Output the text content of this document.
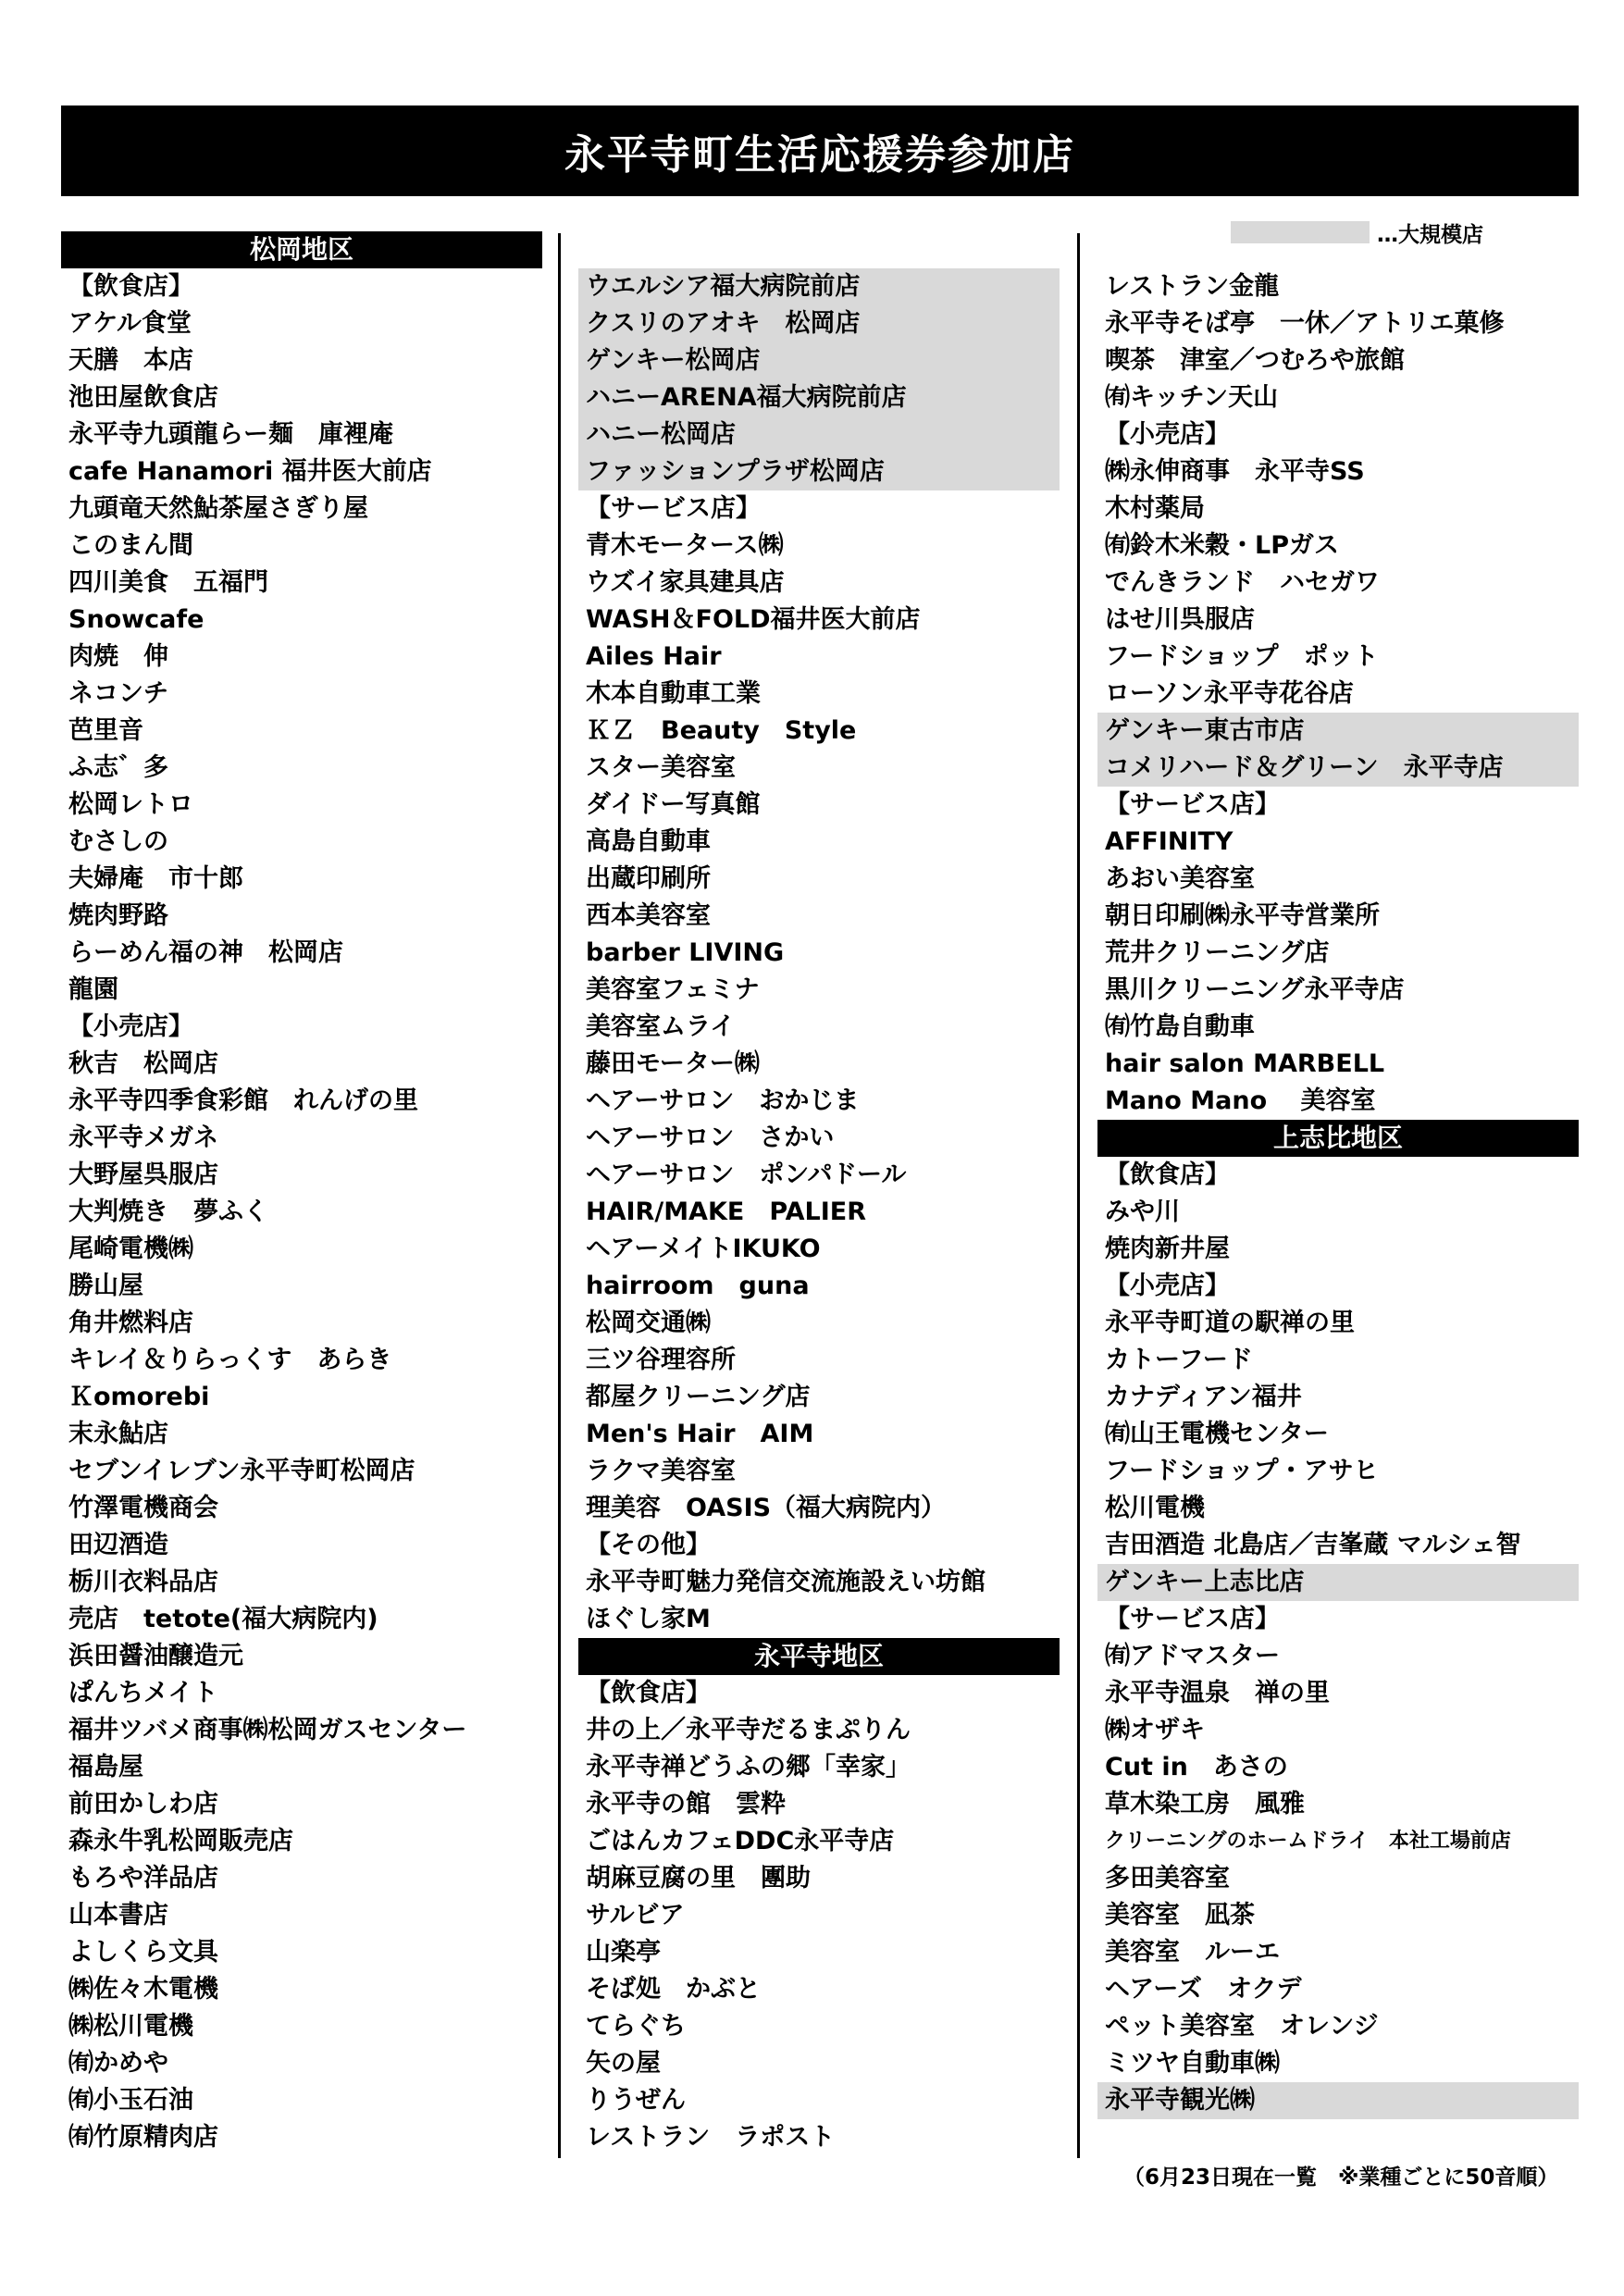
永平寺町生活応援券参加店
…大規模店
松岡地区
【飲食店】
アケル食堂
天膳　本店
池田屋飲食店
永平寺九頭龍らー麺　庫裡庵
cafe Hanamori 福井医大前店
九頭竜天然鮎茶屋さぎり屋
このまん間
四川美食　五福門
Snowcafe
肉焼　伸
ネコンチ
芭里音
ふ志゛多
松岡レトロ
むさしの
夫婦庵　市十郎
焼肉野路
らーめん福の神　松岡店
龍園
【小売店】
秋吉　松岡店
永平寺四季食彩館　れんげの里
永平寺メガネ
大野屋呉服店
大判焼き　夢ふく
尾崎電機㈱
勝山屋
角井燃料店
キレイ＆りらっくす　あらき
Ｋomorebi
末永鮎店
セブンイレブン永平寺町松岡店
竹澤電機商会
田辺酒造
栃川衣料品店
売店　tetote(福大病院内)
浜田醤油醸造元
ぱんちメイト
福井ツバメ商事㈱松岡ガスセンター
福島屋
前田かしわ店
森永牛乳松岡販売店
もろや洋品店
山本書店
よしくら文具
㈱佐々木電機
㈱松川電機
㈲かめや
㈲小玉石油
㈲竹原精肉店
ウエルシア福大病院前店
クスリのアオキ　松岡店
ゲンキー松岡店
ハニーARENA福大病院前店
ハニー松岡店
ファッションプラザ松岡店
【サービス店】
青木モータース㈱
ウズイ家具建具店
WASH＆FOLD福井医大前店
Ailes Hair
木本自動車工業
ＫＺ　Beauty　Style
スター美容室
ダイドー写真館
高島自動車
出蔵印刷所
西本美容室
barber LIVING
美容室フェミナ
美容室ムライ
藤田モーター㈱
ヘアーサロン　おかじま
ヘアーサロン　さかい
ヘアーサロン　ポンパドール
HAIR/MAKE　PALIER
ヘアーメイトIKUKO
hairroom　guna
松岡交通㈱
三ツ谷理容所
都屋クリーニング店
Men's Hair　AIM
ラクマ美容室
理美容　OASIS（福大病院内）
【その他】
永平寺町魅力発信交流施設えい坊館
ほぐし家M
永平寺地区
【飲食店】
井の上／永平寺だるまぷりん
永平寺禅どうふの郷「幸家」
永平寺の館　雲粋
ごはんカフェDDC永平寺店
胡麻豆腐の里　團助
サルビア
山楽亭
そば処　かぶと
てらぐち
矢の屋
りうぜん
レストラン　ラポスト
レストラン金龍
永平寺そば亭　一休／アトリエ菓修
喫茶　津室／つむろや旅館
㈲キッチン天山
【小売店】
㈱永伸商事　永平寺SS
木村薬局
㈲鈴木米穀・LPガス
でんきランド　ハセガワ
はせ川呉服店
フードショップ　ポット
ローソン永平寺花谷店
ゲンキー東古市店
コメリハード＆グリーン　永平寺店
【サービス店】
AFFINITY
あおい美容室
朝日印刷㈱永平寺営業所
荒井クリーニング店
黒川クリーニング永平寺店
㈲竹島自動車
hair salon MARBELL
Mano Mano　 美容室
上志比地区
【飲食店】
みや川
焼肉新井屋
【小売店】
永平寺町道の駅禅の里
カトーフード
カナディアン福井
㈲山王電機センター
フードショップ・アサヒ
松川電機
吉田酒造 北島店／吉峯蔵 マルシェ智
ゲンキー上志比店
【サービス店】
㈲アドマスター
永平寺温泉　禅の里
㈱オザキ
Cut in　あさの
草木染工房　風雅
クリーニングのホームドライ　本社工場前店
多田美容室
美容室　凪茶
美容室　ルーエ
ヘアーズ　オクデ
ペット美容室　オレンジ
ミツヤ自動車㈱
永平寺観光㈱
（6月23日現在一覧　※業種ごとに50音順）
